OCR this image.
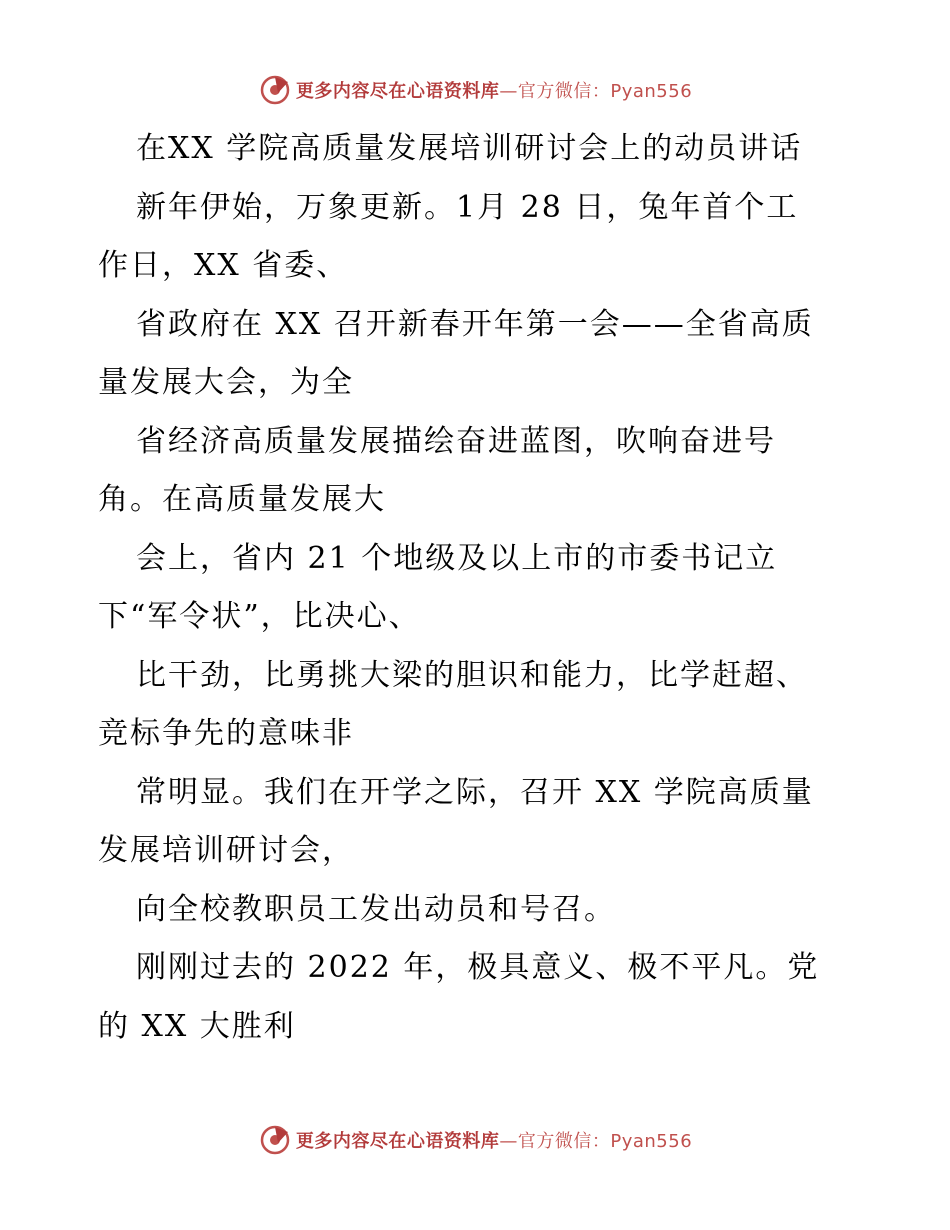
更多内容尽在心语资料库—官方微信：Pyan556
在XX 学院高质量发展培训研讨会上的动员讲话
新年伊始，万象更新。1月 28 日，兔年首个工
作日，XX 省委、
省政府在 XX 召开新春开年第一会——全省高质
量发展大会，为全
省经济高质量发展描绘奋进蓝图，吹响奋进号
角。在高质量发展大
会上，省内 21 个地级及以上市的市委书记立
下“军令状”，比决心、
比干劲，比勇挑大梁的胆识和能力，比学赶超、
竞标争先的意味非
常明显。我们在开学之际，召开 XX 学院高质量
发展培训研讨会，
向全校教职员工发出动员和号召。
刚刚过去的 2022 年，极具意义、极不平凡。党
的 XX 大胜利
更多内容尽在心语资料库—官方微信：Pyan556
